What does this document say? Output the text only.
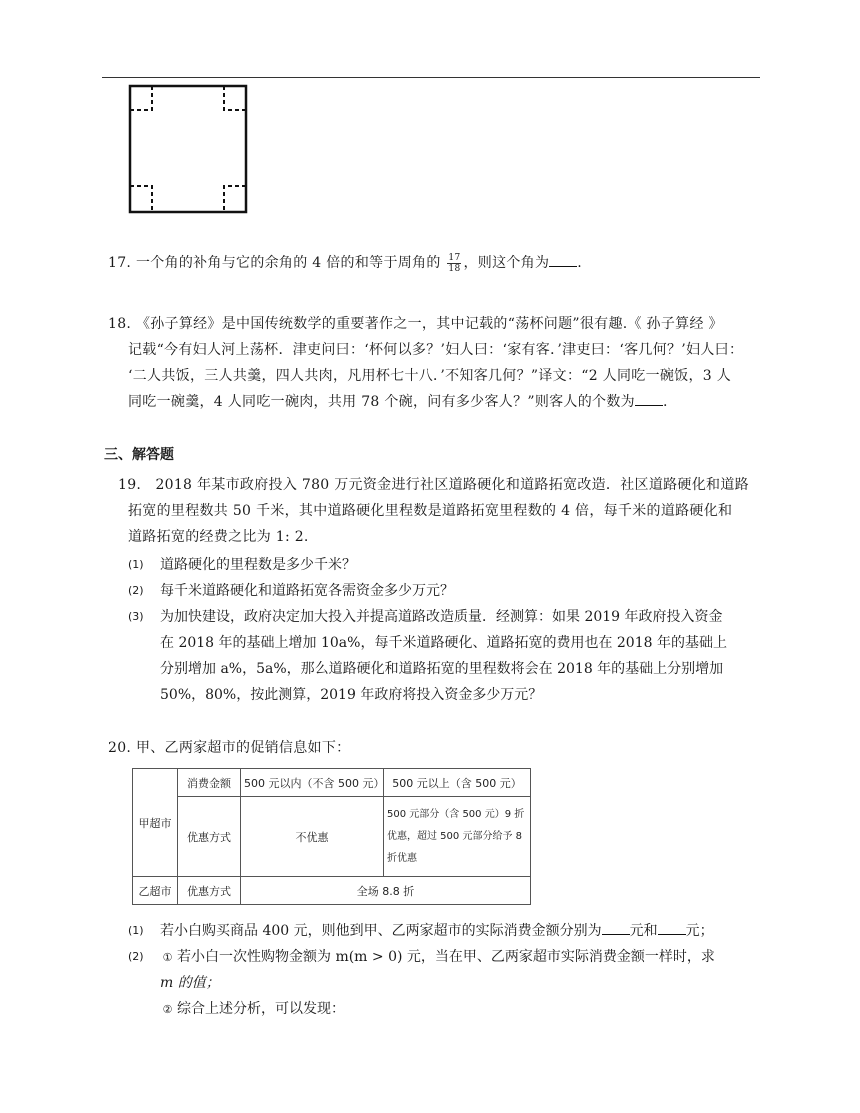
17. 一个角的补角与它的余角的 4 倍的和等于周角的 $\frac{17}{18}$ ，则这个角为 .
18. 《孙子算经》是中国传统数学的重要著作之一，其中记载的“荡杯问题”很有趣.《 孙子算经 》
记载“今有妇人河上荡杯．津吏问曰：‘杯何以多？’妇人曰：‘家有客．’津吏曰：‘客几何？’妇人曰：
‘二人共饭，三人共羹，四人共肉，凡用杯七十八．’不知客几何？”译文：“2 人同吃一碗饭，3 人
同吃一碗羹，4 人同吃一碗肉，共用 78 个碗，问有多少客人？”则客人的个数为 .
三、解答题
19. 2018 年某市政府投入 780 万元资金进行社区道路硬化和道路拓宽改造．社区道路硬化和道路
拓宽的里程数共 50 千米，其中道路硬化里程数是道路拓宽里程数的 4 倍，每千米的道路硬化和
道路拓宽的经费之比为 1: 2.
(1) 道路硬化的里程数是多少千米？
(2) 每千米道路硬化和道路拓宽各需资金多少万元？
(3) 为加快建设，政府决定加大投入并提高道路改造质量．经测算：如果 2019 年政府投入资金
在 2018 年的基础上增加 10a%，每千米道路硬化、道路拓宽的费用也在 2018 年的基础上
分别增加 a%，5a%，那么道路硬化和道路拓宽的里程数将会在 2018 年的基础上分别增加
50%，80%，按此测算，2019 年政府将投入资金多少万元？
20. 甲、乙两家超市的促销信息如下：
甲超市	消费金额	500 元以内（不含 500 元）	500 元以上（含 500 元）
	优惠方式	不优惠	500 元部分（含 500 元）9 折
优惠，超过 500 元部分给予 8
折优惠

乙超市	优惠方式	全场 8.8 折	
(1) 若小白购买商品 400 元，则他到甲、乙两家超市的实际消费金额分别为 元和 元；
(2) ① 若小白一次性购物金额为 m(m > 0) 元，当在甲、乙两家超市实际消费金额一样时，求
m 的值；
② 综合上述分析，可以发现：
